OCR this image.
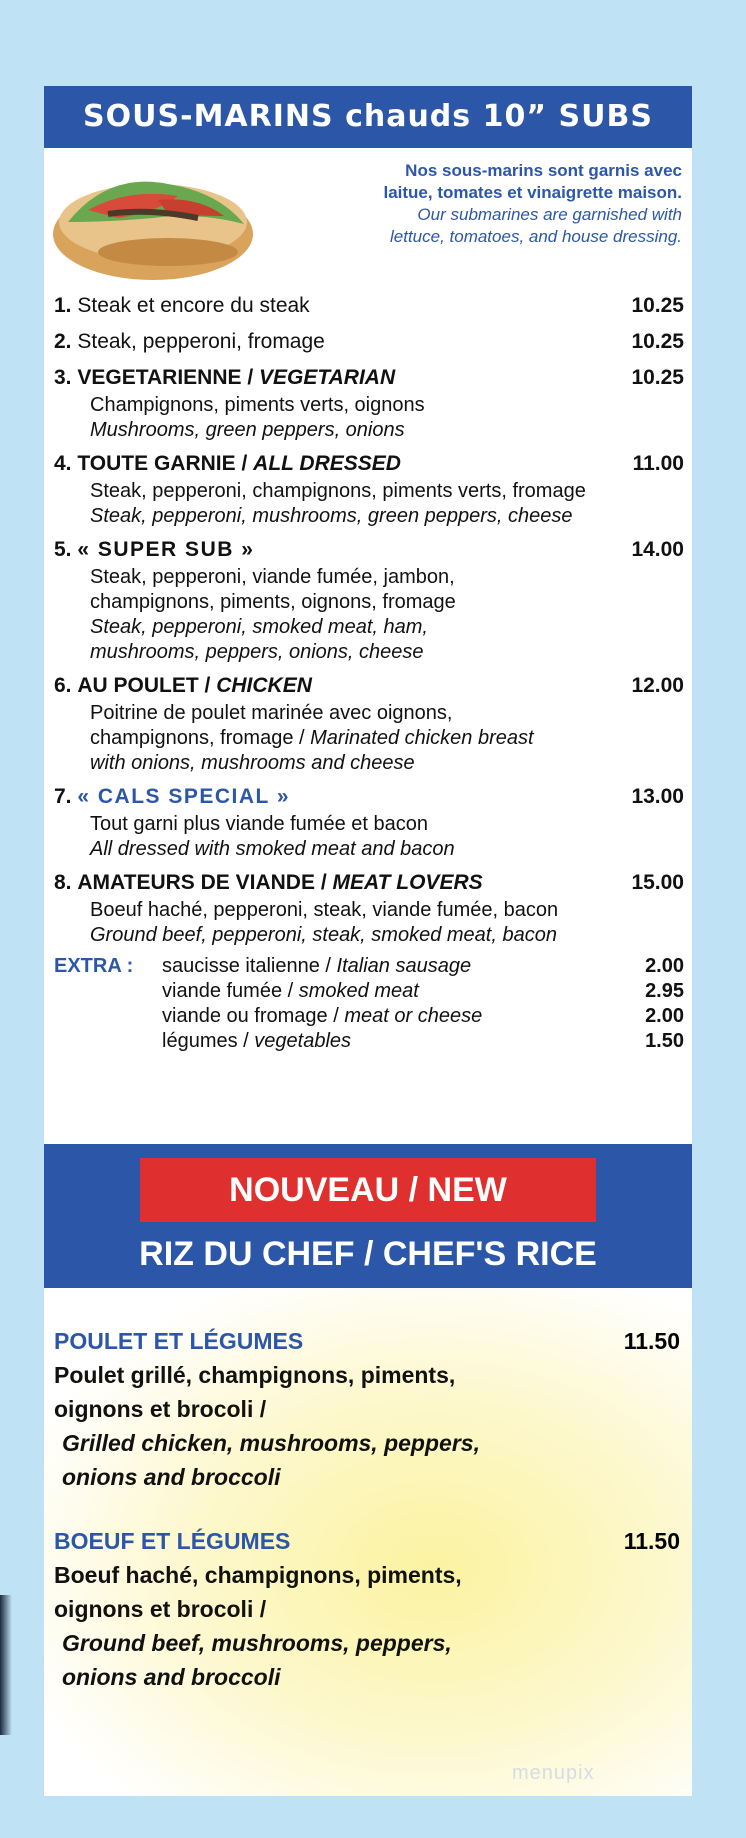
SOUS-MARINS chauds 10” SUBS
Nos sous-marins sont garnis avec
laitue, tomates et vinaigrette maison.
Our submarines are garnished with
lettuce, tomatoes, and house dressing.
1. Steak et encore du steak	10.25
2. Steak, pepperoni, fromage	10.25
3. VEGETARIENNE / VEGETARIAN	10.25
Champignons, piments verts, oignons
Mushrooms, green peppers, onions
4. TOUTE GARNIE / ALL DRESSED	11.00
Steak, pepperoni, champignons, piments verts, fromage
Steak, pepperoni, mushrooms, green peppers, cheese
5. « SUPER SUB »	14.00
Steak, pepperoni, viande fumée, jambon,
champignons, piments, oignons, fromage
Steak, pepperoni, smoked meat, ham,
mushrooms, peppers, onions, cheese
6. AU POULET / CHICKEN	12.00
Poitrine de poulet marinée avec oignons,
champignons, fromage / Marinated chicken breast
with onions, mushrooms and cheese
7. « CALS SPECIAL »	13.00
Tout garni plus viande fumée et bacon
All dressed with smoked meat and bacon
8. AMATEURS DE VIANDE / MEAT LOVERS	15.00
Boeuf haché, pepperoni, steak, viande fumée, bacon
Ground beef, pepperoni, steak, smoked meat, bacon
EXTRA :	saucisse italienne / Italian sausage	2.00
viande fumée / smoked meat	2.95
viande ou fromage / meat or cheese	2.00
légumes / vegetables	1.50
NOUVEAU / NEW
RIZ DU CHEF / CHEF'S RICE
POULET ET LÉGUMES	11.50
Poulet grillé, champignons, piments,
oignons et brocoli /
Grilled chicken, mushrooms, peppers,
onions and broccoli
BOEUF ET LÉGUMES	11.50
Boeuf haché, champignons, piments,
oignons et brocoli /
Ground beef, mushrooms, peppers,
onions and broccoli
menupix
